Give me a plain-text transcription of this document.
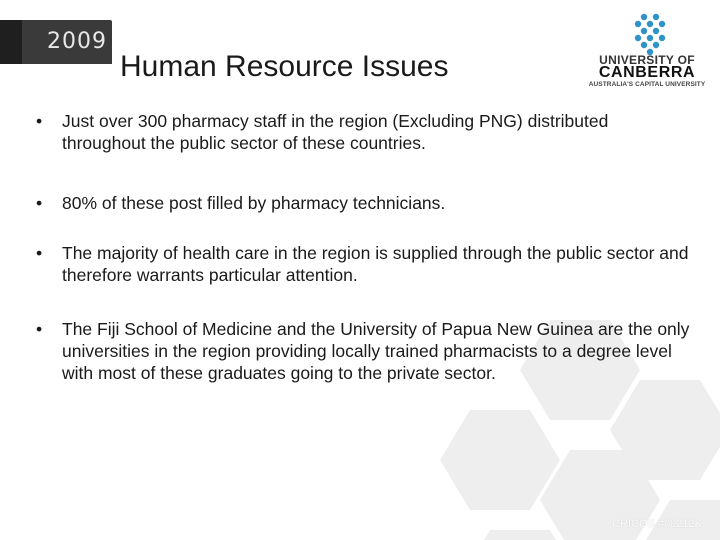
2009
Human Resource Issues	UNIVERSITY OF
CANBERRA
AUSTRALIA'S CAPITAL UNIVERSITY
• Just over 300 pharmacy staff in the region (Excluding PNG) distributed throughout the public sector of these countries.
• 80% of these post filled by pharmacy technicians.
• The majority of health care in the region is supplied through the public sector and therefore warrants particular attention.
• The Fiji School of Medicine and the University of Papua New Guinea are the only universities in the region providing locally trained pharmacists to a degree level with most of these graduates going to the private sector.
CRICOS #00212K
